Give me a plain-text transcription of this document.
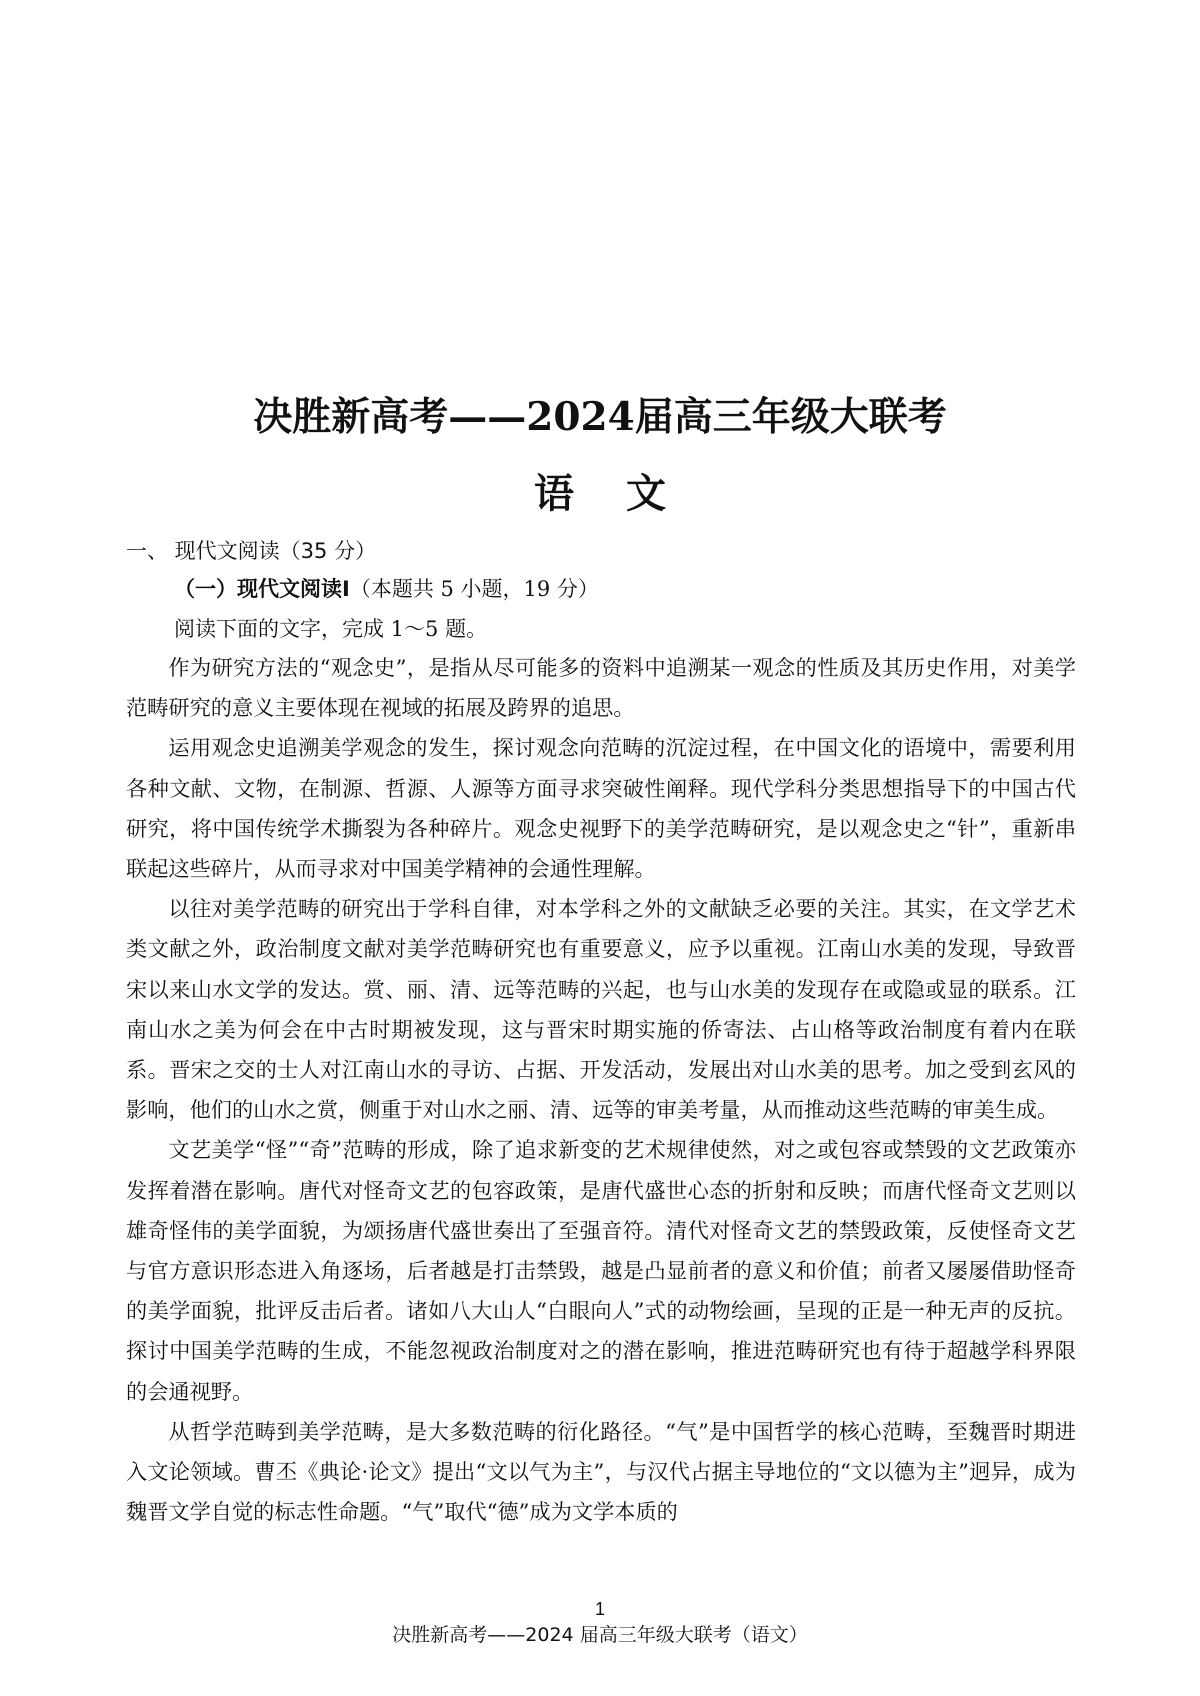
决胜新高考——2024届高三年级大联考
语 文
一、 现代文阅读（35 分）
（一）现代文阅读Ⅰ（本题共 5 小题，19 分）
阅读下面的文字，完成 1～5 题。

作为研究方法的“观念史”，是指从尽可能多的资料中追溯某一观念的性质及其历史作用，对美学范畴研究的意义主要体现在视域的拓展及跨界的追思。

运用观念史追溯美学观念的发生，探讨观念向范畴的沉淀过程，在中国文化的语境中，需要利用各种文献、文物，在制源、哲源、人源等方面寻求突破性阐释。现代学科分类思想指导下的中国古代研究，将中国传统学术撕裂为各种碎片。观念史视野下的美学范畴研究，是以观念史之“针”，重新串联起这些碎片，从而寻求对中国美学精神的会通性理解。

以往对美学范畴的研究出于学科自律，对本学科之外的文献缺乏必要的关注。其实，在文学艺术类文献之外，政治制度文献对美学范畴研究也有重要意义，应予以重视。江南山水美的发现，导致晋宋以来山水文学的发达。赏、丽、清、远等范畴的兴起，也与山水美的发现存在或隐或显的联系。江南山水之美为何会在中古时期被发现，这与晋宋时期实施的侨寄法、占山格等政治制度有着内在联系。晋宋之交的士人对江南山水的寻访、占据、开发活动，发展出对山水美的思考。加之受到玄风的影响，他们的山水之赏，侧重于对山水之丽、清、远等的审美考量，从而推动这些范畴的审美生成。

文艺美学“怪”“奇”范畴的形成，除了追求新变的艺术规律使然，对之或包容或禁毁的文艺政策亦发挥着潜在影响。唐代对怪奇文艺的包容政策，是唐代盛世心态的折射和反映；而唐代怪奇文艺则以雄奇怪伟的美学面貌，为颂扬唐代盛世奏出了至强音符。清代对怪奇文艺的禁毁政策，反使怪奇文艺与官方意识形态进入角逐场，后者越是打击禁毁，越是凸显前者的意义和价值；前者又屡屡借助怪奇的美学面貌，批评反击后者。诸如八大山人“白眼向人”式的动物绘画，呈现的正是一种无声的反抗。探讨中国美学范畴的生成，不能忽视政治制度对之的潜在影响，推进范畴研究也有待于超越学科界限的会通视野。

从哲学范畴到美学范畴，是大多数范畴的衍化路径。“气”是中国哲学的核心范畴，至魏晋时期进入文论领域。曹丕《典论·论文》提出“文以气为主”，与汉代占据主导地位的“文以德为主”迥异，成为魏晋文学自觉的标志性命题。“气”取代“德”成为文学本质的

1
决胜新高考——2024 届高三年级大联考（语文）
